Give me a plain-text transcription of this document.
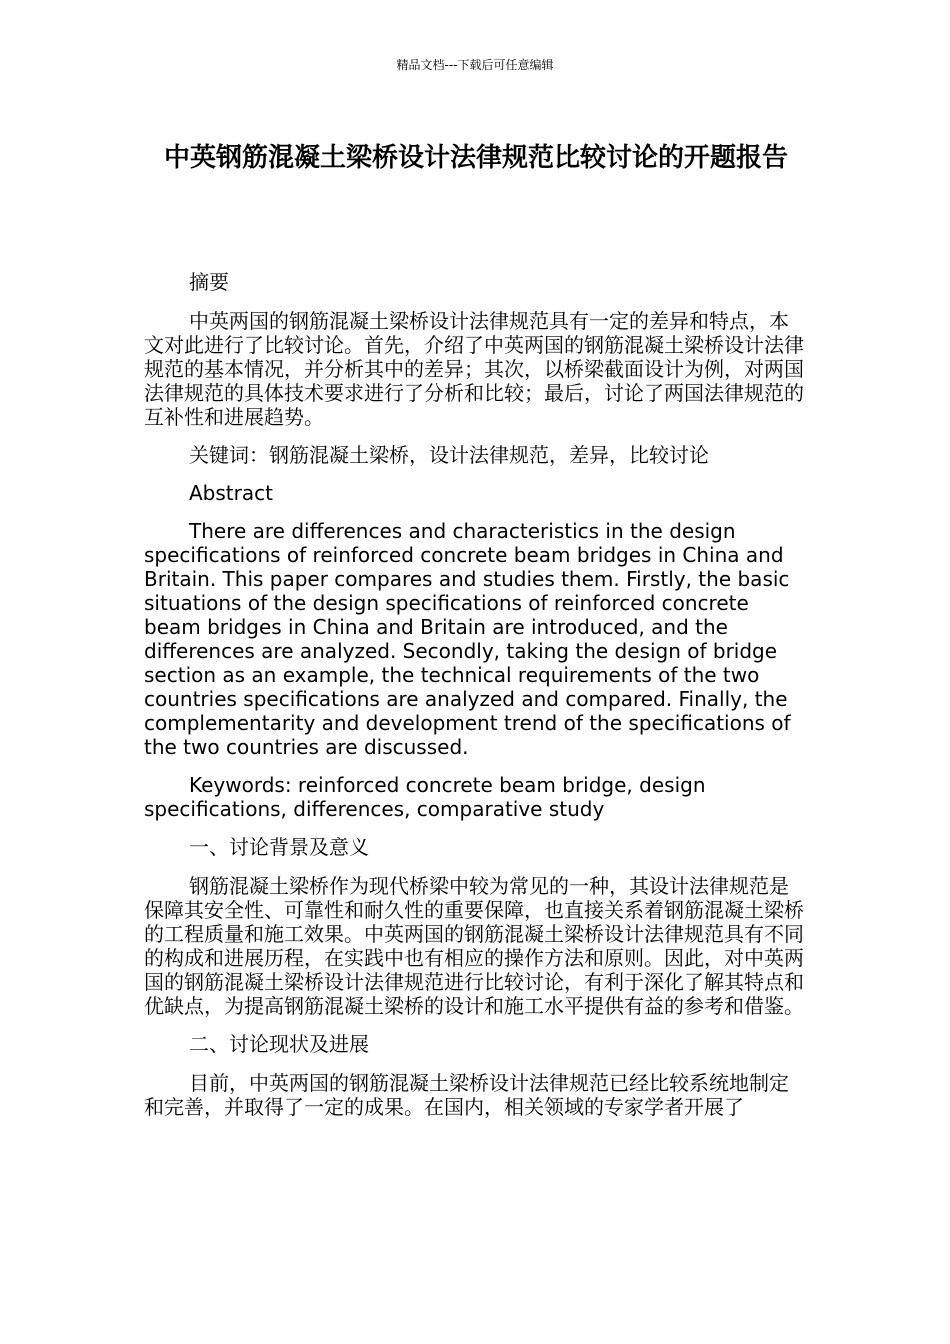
精品文档---下载后可任意编辑
中英钢筋混凝土梁桥设计法律规范比较讨论的开题报告

摘要

中英两国的钢筋混凝土梁桥设计法律规范具有一定的差异和特点，本文对此进行了比较讨论。首先，介绍了中英两国的钢筋混凝土梁桥设计法律规范的基本情况，并分析其中的差异；其次，以桥梁截面设计为例，对两国法律规范的具体技术要求进行了分析和比较；最后，讨论了两国法律规范的互补性和进展趋势。

关键词：钢筋混凝土梁桥，设计法律规范，差异，比较讨论

Abstract

There are differences and characteristics in the design specifications of reinforced concrete beam bridges in China and Britain. This paper compares and studies them. Firstly, the basic situations of the design specifications of reinforced concrete beam bridges in China and Britain are introduced, and the differences are analyzed. Secondly, taking the design of bridge section as an example, the technical requirements of the two countries specifications are analyzed and compared. Finally, the complementarity and development trend of the specifications of the two countries are discussed.

Keywords: reinforced concrete beam bridge, design specifications, differences, comparative study

一、讨论背景及意义

钢筋混凝土梁桥作为现代桥梁中较为常见的一种，其设计法律规范是保障其安全性、可靠性和耐久性的重要保障，也直接关系着钢筋混凝土梁桥的工程质量和施工效果。中英两国的钢筋混凝土梁桥设计法律规范具有不同的构成和进展历程，在实践中也有相应的操作方法和原则。因此，对中英两国的钢筋混凝土梁桥设计法律规范进行比较讨论，有利于深化了解其特点和优缺点，为提高钢筋混凝土梁桥的设计和施工水平提供有益的参考和借鉴。

二、讨论现状及进展

目前，中英两国的钢筋混凝土梁桥设计法律规范已经比较系统地制定和完善，并取得了一定的成果。在国内，相关领域的专家学者开展了
